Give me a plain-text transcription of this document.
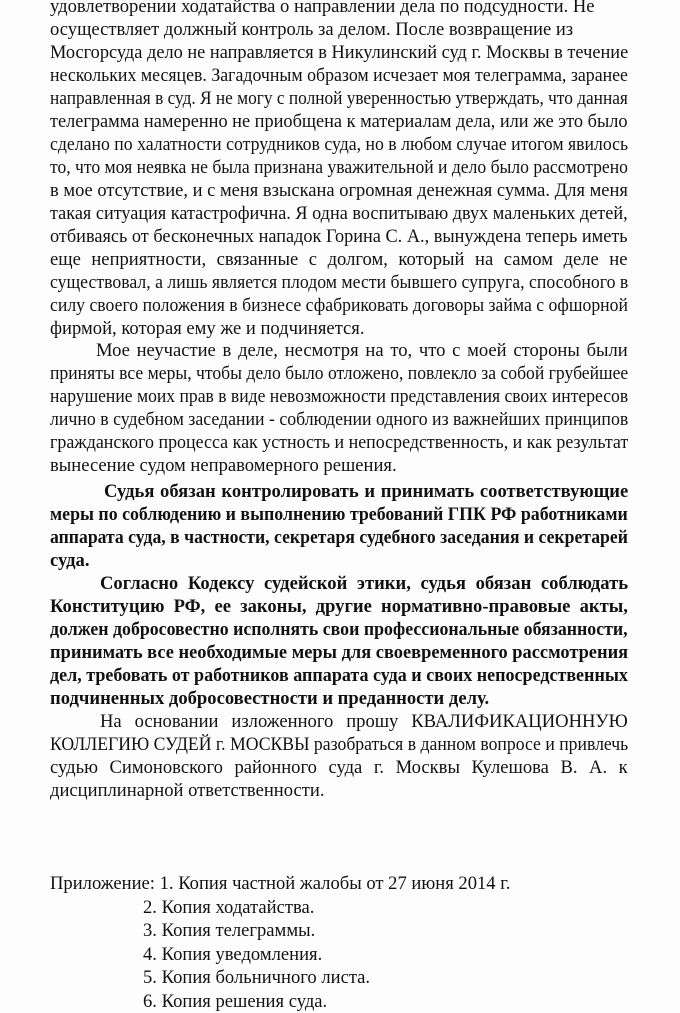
удовлетворении ходатайства о направлении дела по подсудности. Не
осуществляет должный контроль за делом. После возвращение из
Мосгорсуда дело не направляется в Никулинский суд г. Москвы в течение
нескольких месяцев. Загадочным образом исчезает моя телеграмма, заранее
направленная в суд. Я не могу с полной уверенностью утверждать, что данная
телеграмма намеренно не приобщена к материалам дела, или же это было
сделано по халатности сотрудников суда, но в любом случае итогом явилось
то, что моя неявка не была признана уважительной и дело было рассмотрено
в мое отсутствие, и с меня взыскана огромная денежная сумма. Для меня
такая ситуация катастрофична. Я одна воспитываю двух маленьких детей,
отбиваясь от бесконечных нападок Горина С. А., вынуждена теперь иметь
еще неприятности, связанные с долгом, который на самом деле не
существовал, а лишь является плодом мести бывшего супруга, способного в
силу своего положения в бизнесе сфабриковать договоры займа с офшорной
фирмой, которая ему же и подчиняется.
Мое неучастие в деле, несмотря на то, что с моей стороны были
приняты все меры, чтобы дело было отложено, повлекло за собой грубейшее
нарушение моих прав в виде невозможности представления своих интересов
лично в судебном заседании - соблюдении одного из важнейших принципов
гражданского процесса как устность и непосредственность, и как результат
вынесение судом неправомерного решения.
Судья обязан контролировать и принимать соответствующие
меры по соблюдению и выполнению требований ГПК РФ работниками
аппарата суда, в частности, секретаря судебного заседания и секретарей
суда.
Согласно Кодексу судейской этики, судья обязан соблюдать
Конституцию РФ, ее законы, другие нормативно-правовые акты,
должен добросовестно исполнять свои профессиональные обязанности,
принимать все необходимые меры для своевременного рассмотрения
дел, требовать от работников аппарата суда и своих непосредственных
подчиненных добросовестности и преданности делу.
На основании изложенного прошу КВАЛИФИКАЦИОННУЮ
КОЛЛЕГИЮ СУДЕЙ г. МОСКВЫ разобраться в данном вопросе и привлечь
судью Симоновского районного суда г. Москвы Кулешова В. А. к
дисциплинарной ответственности.
Приложение: 1. Копия частной жалобы от 27 июня 2014 г.
2. Копия ходатайства.
3. Копия телеграммы.
4. Копия уведомления.
5. Копия больничного листа.
6. Копия решения суда.
